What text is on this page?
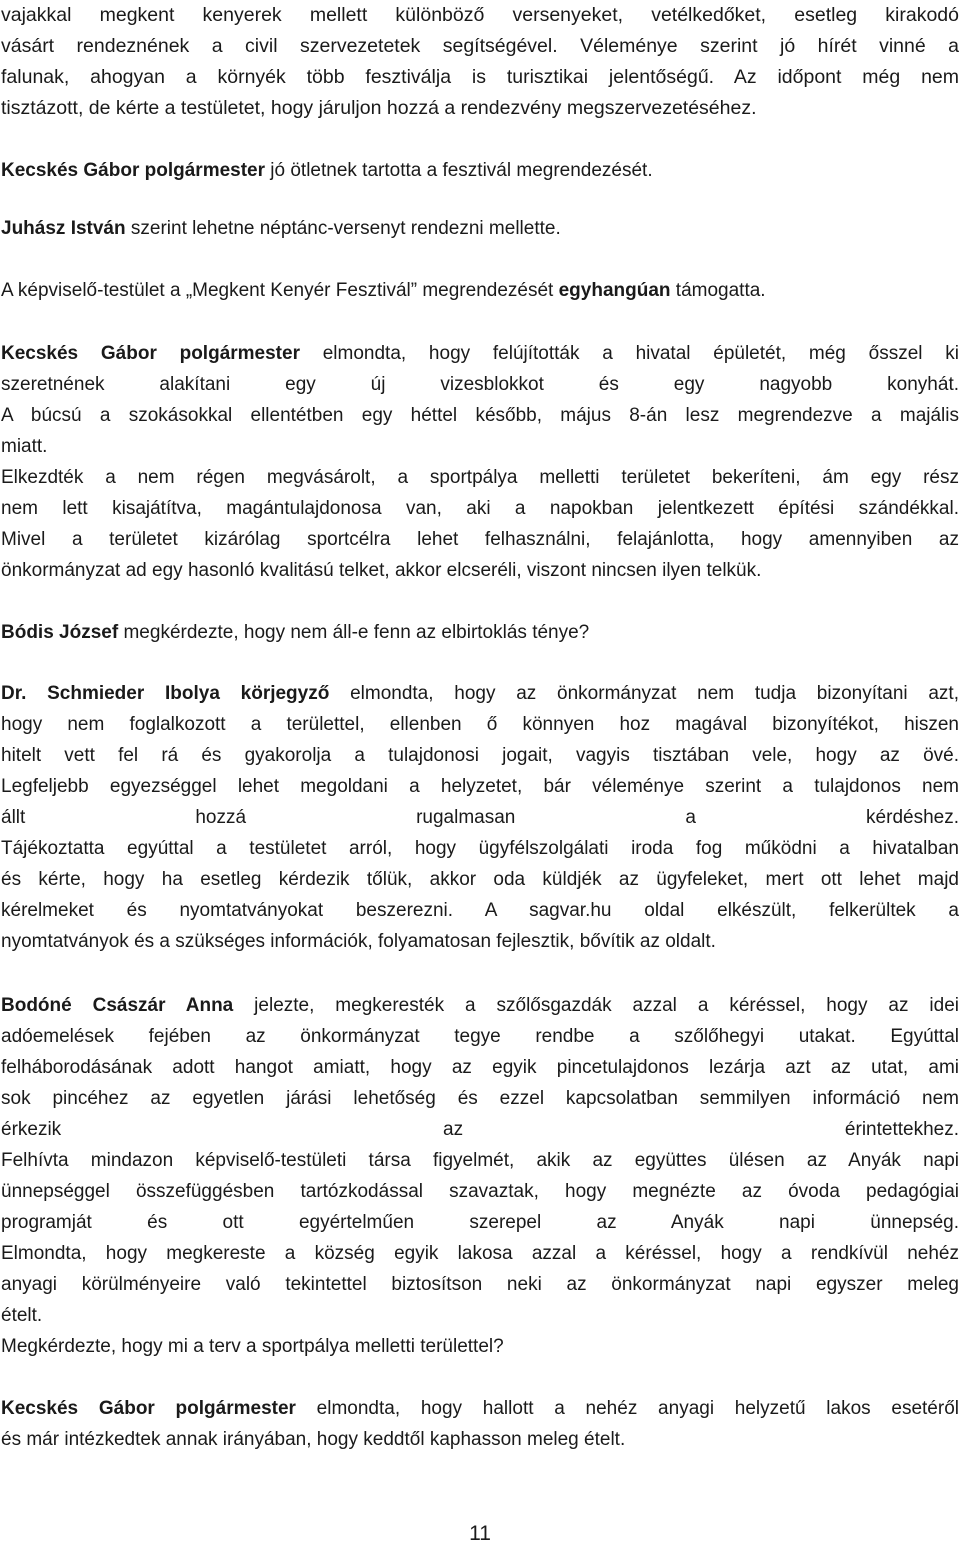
vajakkal megkent kenyerek mellett különböző versenyeket, vetélkedőket, esetleg kirakodó
vásárt rendeznének a civil szervezetetek segítségével. Véleménye szerint jó hírét vinné a
falunak, ahogyan a környék több fesztiválja is turisztikai jelentőségű. Az időpont még nem
tisztázott, de kérte a testületet, hogy járuljon hozzá a rendezvény megszervezetéséhez.
Kecskés Gábor polgármester jó ötletnek tartotta a fesztivál megrendezését.
Juhász István szerint lehetne néptánc-versenyt rendezni mellette.
A képviselő-testület a „Megkent Kenyér Fesztivál” megrendezését egyhangúan támogatta.
Kecskés Gábor polgármester elmondta, hogy felújították a hivatal épületét, még ősszel ki
szeretnének alakítani egy új vizesblokkot és egy nagyobb konyhát.
A búcsú a szokásokkal ellentétben egy héttel később, május 8-án lesz megrendezve a majális
miatt.
Elkezdték a nem régen megvásárolt, a sportpálya melletti területet bekeríteni, ám egy rész
nem lett kisajátítva, magántulajdonosa van, aki a napokban jelentkezett építési szándékkal.
Mivel a területet kizárólag sportcélra lehet felhasználni, felajánlotta, hogy amennyiben az
önkormányzat ad egy hasonló kvalitású telket, akkor elcseréli, viszont nincsen ilyen telkük.
Bódis József megkérdezte, hogy nem áll-e fenn az elbirtoklás ténye?
Dr. Schmieder Ibolya körjegyző elmondta, hogy az önkormányzat nem tudja bizonyítani azt,
hogy nem foglalkozott a területtel, ellenben ő könnyen hoz magával bizonyítékot, hiszen
hitelt vett fel rá és gyakorolja a tulajdonosi jogait, vagyis tisztában vele, hogy az övé.
Legfeljebb egyezséggel lehet megoldani a helyzetet, bár véleménye szerint a tulajdonos nem
állt hozzá rugalmasan a kérdéshez.
Tájékoztatta egyúttal a testületet arról, hogy ügyfélszolgálati iroda fog működni a hivatalban
és kérte, hogy ha esetleg kérdezik tőlük, akkor oda küldjék az ügyfeleket, mert ott lehet majd
kérelmeket és nyomtatványokat beszerezni. A sagvar.hu oldal elkészült, felkerültek a
nyomtatványok és a szükséges információk, folyamatosan fejlesztik, bővítik az oldalt.
Bodóné Császár Anna jelezte, megkeresték a szőlősgazdák azzal a kéréssel, hogy az idei
adóemelések fejében az önkormányzat tegye rendbe a szőlőhegyi utakat. Egyúttal
felháborodásának adott hangot amiatt, hogy az egyik pincetulajdonos lezárja azt az utat, ami
sok pincéhez az egyetlen járási lehetőség és ezzel kapcsolatban semmilyen információ nem
érkezik az érintettekhez.
Felhívta mindazon képviselő-testületi társa figyelmét, akik az együttes ülésen az Anyák napi
ünnepséggel összefüggésben tartózkodással szavaztak, hogy megnézte az óvoda pedagógiai
programját és ott egyértelműen szerepel az Anyák napi ünnepség.
Elmondta, hogy megkereste a község egyik lakosa azzal a kéréssel, hogy a rendkívül nehéz
anyagi körülményeire való tekintettel biztosítson neki az önkormányzat napi egyszer meleg
ételt.
Megkérdezte, hogy mi a terv a sportpálya melletti területtel?
Kecskés Gábor polgármester elmondta, hogy hallott a nehéz anyagi helyzetű lakos esetéről
és már intézkedtek annak irányában, hogy keddtől kaphasson meleg ételt.
11
